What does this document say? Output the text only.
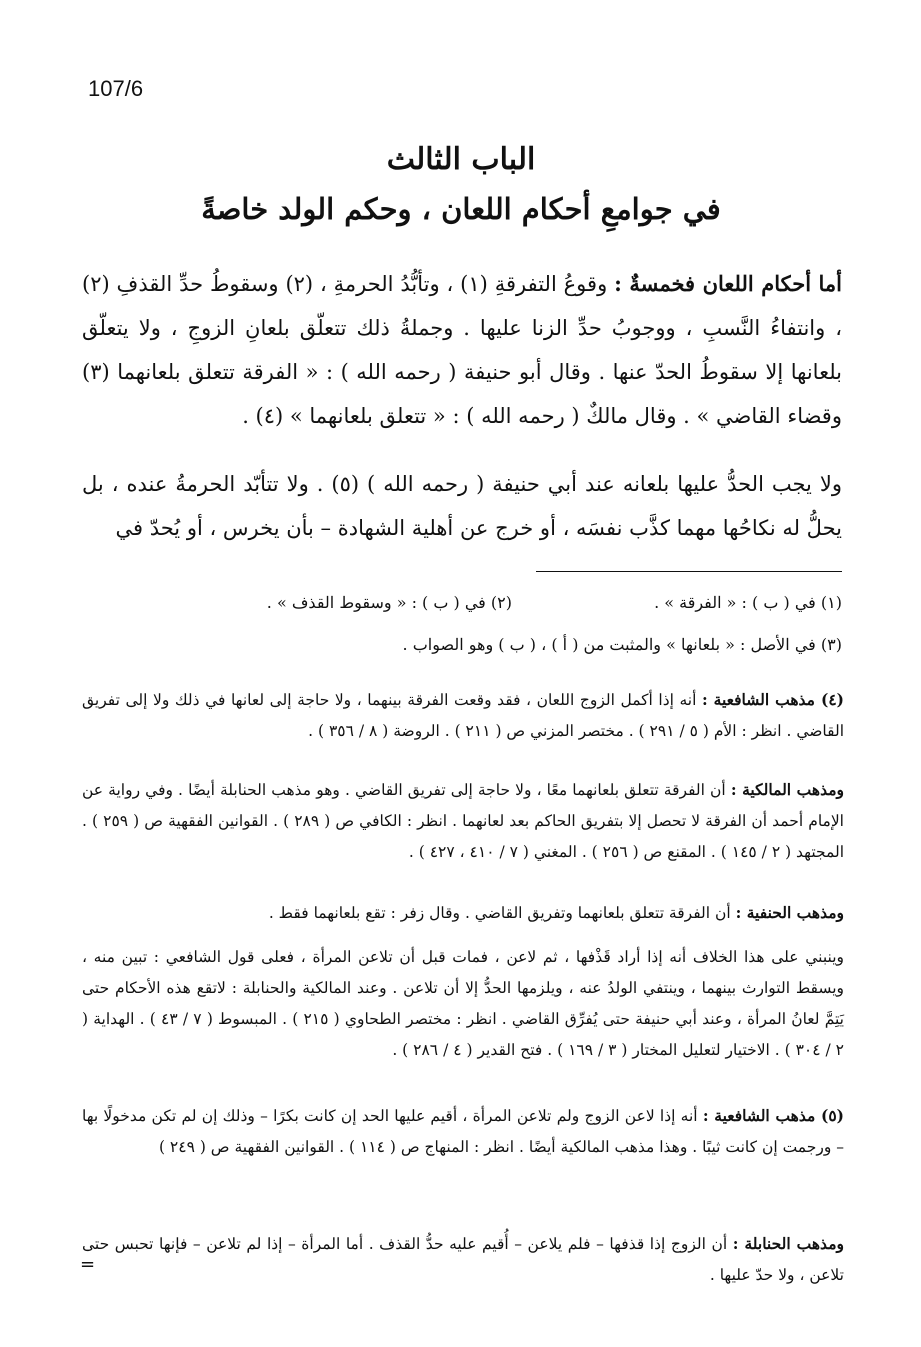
107/6
الباب الثالث
في جوامعِ أحكام اللعان ، وحكم الولد خاصةً
أما أحكام اللعان فخمسةٌ : وقوعُ التفرقةِ (١) ، وتأبُّدُ الحرمةِ ، (٢) وسقوطُ حدِّ القذفِ (٢) ، وانتفاءُ النَّسبِ ، ووجوبُ حدِّ الزنا عليها . وجملةُ ذلك تتعلّق بلعانِ الزوجِ ، ولا يتعلّق بلعانها إلا سقوطُ الحدّ عنها . وقال أبو حنيفة ( رحمه الله ) : « الفرقة تتعلق بلعانهما (٣) وقضاء القاضي » . وقال مالكٌ ( رحمه الله ) : « تتعلق بلعانهما » (٤) .
ولا يجب الحدُّ عليها بلعانه عند أبي حنيفة ( رحمه الله ) (٥) . ولا تتأبّد الحرمةُ عنده ، بل يحلُّ له نكاحُها مهما كذَّب نفسَه ، أو خرج عن أهلية الشهادة – بأن يخرس ، أو يُحدّ في
(١) في ( ب ) : « الفرقة » .
(٢) في ( ب ) : « وسقوط القذف » .
(٣) في الأصل : « بلعانها » والمثبت من ( أ ) ، ( ب ) وهو الصواب .
(٤) مذهب الشافعية : أنه إذا أكمل الزوج اللعان ، فقد وقعت الفرقة بينهما ، ولا حاجة إلى لعانها في ذلك ولا إلى تفريق القاضي . انظر : الأم ( ٥ / ٢٩١ ) . مختصر المزني ص ( ٢١١ ) . الروضة ( ٨ / ٣٥٦ ) .
ومذهب المالكية : أن الفرقة تتعلق بلعانهما معًا ، ولا حاجة إلى تفريق القاضي . وهو مذهب الحنابلة أيضًا . وفي رواية عن الإمام أحمد أن الفرقة لا تحصل إلا بتفريق الحاكم بعد لعانهما . انظر : الكافي ص ( ٢٨٩ ) . القوانين الفقهية ص ( ٢٥٩ ) . المجتهد ( ٢ / ١٤٥ ) . المقنع ص ( ٢٥٦ ) . المغني ( ٧ / ٤١٠ ، ٤٢٧ ) .
ومذهب الحنفية : أن الفرقة تتعلق بلعانهما وتفريق القاضي . وقال زفر : تقع بلعانهما فقط .
وينبني على هذا الخلاف أنه إذا أراد قَذْفها ، ثم لاعن ، فمات قبل أن تلاعن المرأة ، فعلى قول الشافعي : تبين منه ، ويسقط التوارث بينهما ، وينتفي الولدُ عنه ، ويلزمها الحدُّ إلا أن تلاعن . وعند المالكية والحنابلة : لاتقع هذه الأحكام حتى يَتِمَّ لعانُ المرأة ، وعند أبي حنيفة حتى يُفرِّق القاضي . انظر : مختصر الطحاوي ( ٢١٥ ) . المبسوط ( ٧ / ٤٣ ) . الهداية ( ٢ / ٣٠٤ ) . الاختيار لتعليل المختار ( ٣ / ١٦٩ ) . فتح القدير ( ٤ / ٢٨٦ ) .
(٥) مذهب الشافعية : أنه إذا لاعن الزوج ولم تلاعن المرأة ، أقيم عليها الحد إن كانت بكرًا – وذلك إن لم تكن مدخولًا بها – ورجمت إن كانت ثيبًا . وهذا مذهب المالكية أيضًا . انظر : المنهاج ص ( ١١٤ ) . القوانين الفقهية ص ( ٢٤٩ )
ومذهب الحنابلة : أن الزوج إذا قذفها – فلم يلاعن – أُقيم عليه حدُّ القذف . أما المرأة – إذا لم تلاعن – فإنها تحبس حتى تلاعن ، ولا حدّ عليها .
=
